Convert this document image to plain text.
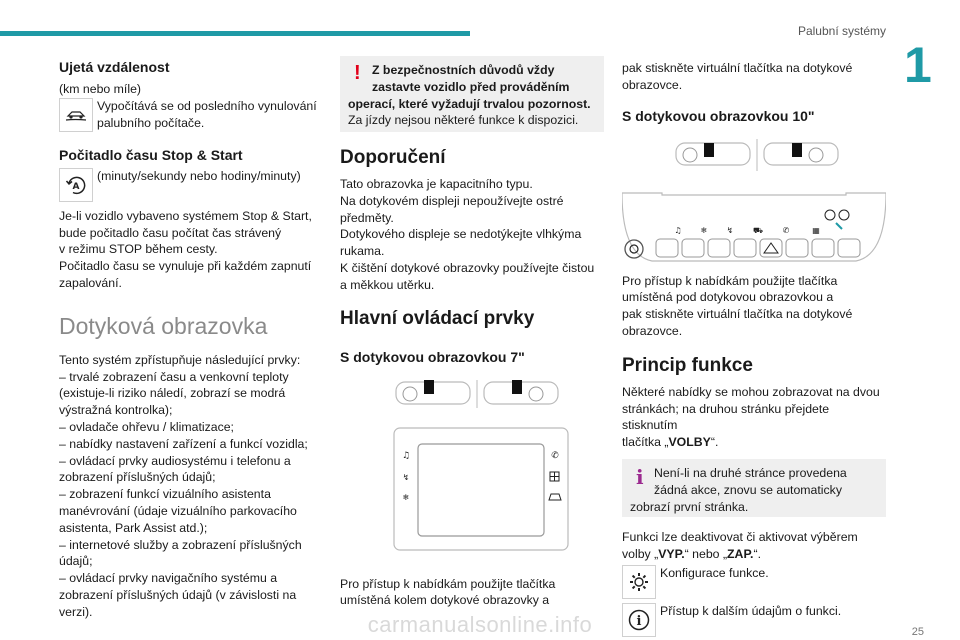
Palubní systémy
1
Ujetá vzdálenost

(km nebo míle)

Vypočítává se od posledního vynulování palubního počítače.
Počitadlo času Stop & Start
A
(minuty/sekundy nebo hodiny/minuty)

Je-li vozidlo vybaveno systémem Stop & Start,

bude počitadlo času počítat čas strávený

v režimu STOP během cesty.

Počitadlo času se vynuluje při každém zapnutí

zapalování.

Dotyková obrazovka

Tento systém zpřístupňuje následující prvky:

– trvalé zobrazení času a venkovní teploty

(existuje-li riziko náledí, zobrazí se modrá

výstražná kontrolka);

– ovladače ohřevu / klimatizace;

– nabídky nastavení zařízení a funkcí vozidla;

– ovládací prvky audiosystému i telefonu a

zobrazení příslušných údajů;

– zobrazení funkcí vizuálního asistenta

manévrování (údaje vizuálního parkovacího

asistenta, Park Assist atd.);

– internetové služby a zobrazení příslušných

údajů;

– ovládací prvky navigačního systému a

zobrazení příslušných údajů (v závislosti na

verzi).

! Z bezpečnostních důvodů vždy

zastavte vozidlo před prováděním

operací, které vyžadují trvalou pozornost.

Za jízdy nejsou některé funkce k dispozici.

Doporučení

Tato obrazovka je kapacitního typu.

Na dotykovém displeji nepoužívejte ostré

předměty.

Dotykového displeje se nedotýkejte vlhkýma

rukama.

K čištění dotykové obrazovky používejte čistou

a měkkou utěrku.

Hlavní ovládací prvky
S dotykovou obrazovkou 7"
♫
↯
❄
✆

Pro přístup k nabídkám použijte tlačítka

umístěná kolem dotykové obrazovky a

pak stiskněte virtuální tlačítka na dotykové

obrazovce.

S dotykovou obrazovkou 10"
♫ ❄ ↯ ⛟ ✆	▦

Pro přístup k nabídkám použijte tlačítka

umístěná pod dotykovou obrazovkou a

pak stiskněte virtuální tlačítka na dotykové

obrazovce.

Princip funkce

Některé nabídky se mohou zobrazovat na dvou

stránkách; na druhou stránku přejdete stisknutím

tlačítka „VOLBY“.

i Není-li na druhé stránce provedena

žádná akce, znovu se automaticky

zobrazí první stránka.

Funkci lze deaktivovat či aktivovat výběrem

volby „VYP.“ nebo „ZAP.“.

Konfigurace funkce.
i
Přístup k dalším údajům o funkci.
carmanualsonline.info	25
